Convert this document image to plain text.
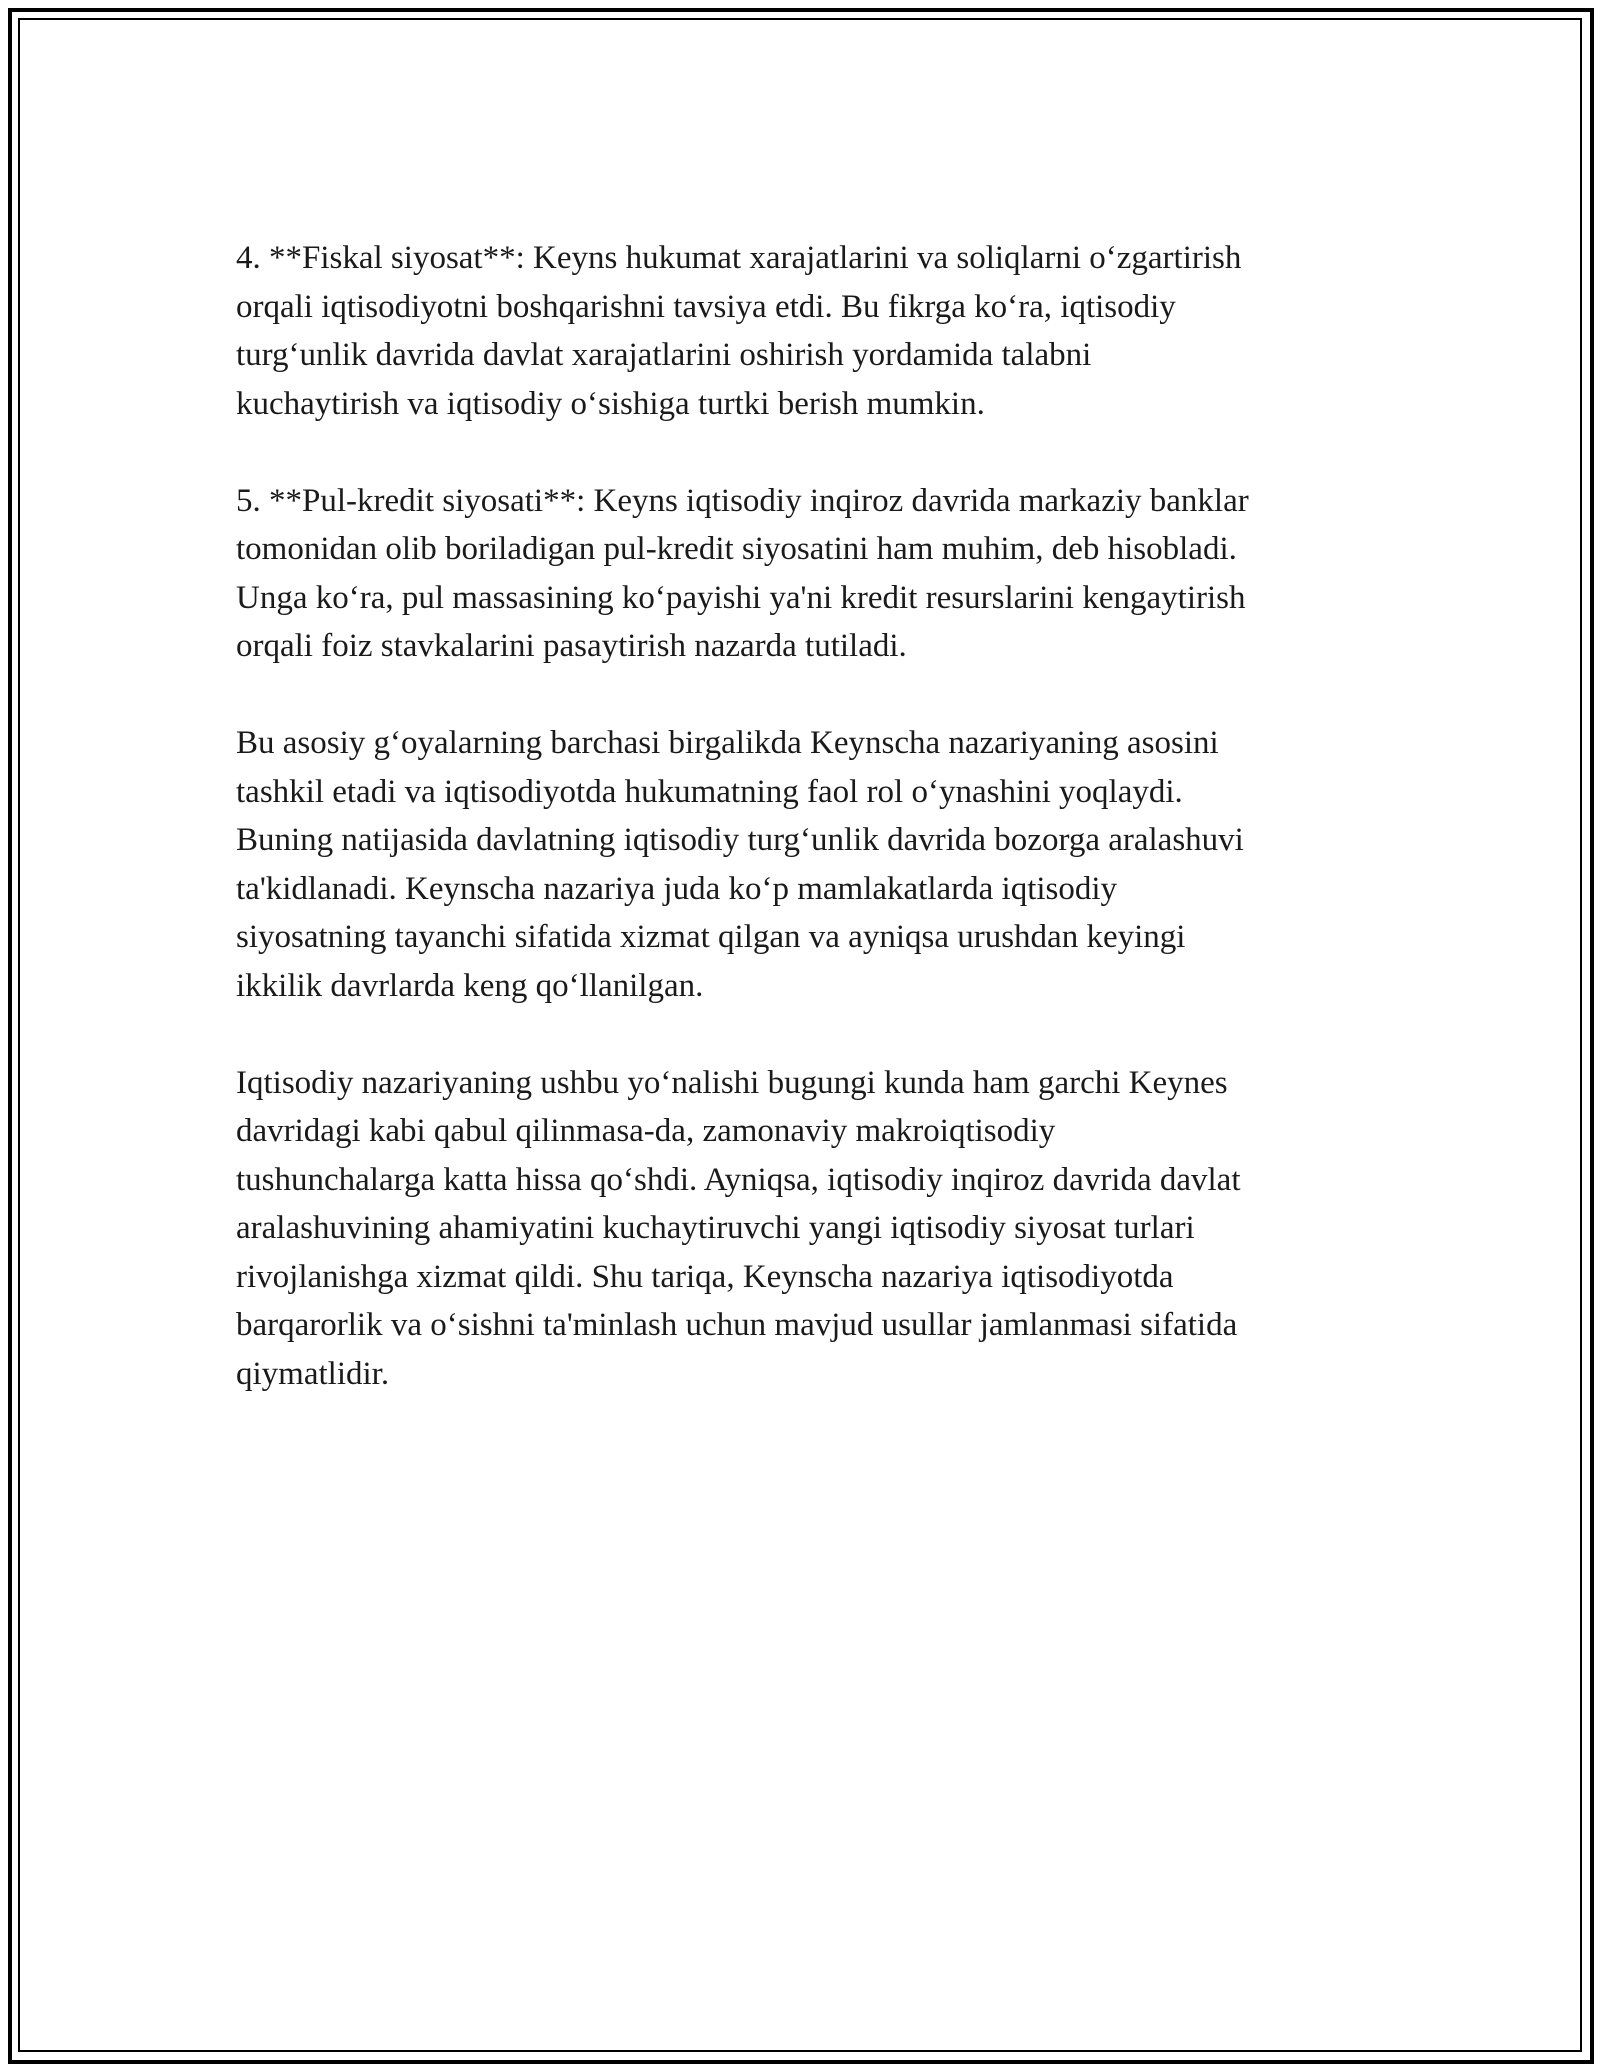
4. **Fiskal siyosat**: Keyns hukumat xarajatlarini va soliqlarni oʻzgartirish
orqali iqtisodiyotni boshqarishni tavsiya etdi. Bu fikrga koʻra, iqtisodiy
turgʻunlik davrida davlat xarajatlarini oshirish yordamida talabni
kuchaytirish va iqtisodiy oʻsishiga turtki berish mumkin.

5. **Pul-kredit siyosati**: Keyns iqtisodiy inqiroz davrida markaziy banklar
tomonidan olib boriladigan pul-kredit siyosatini ham muhim, deb hisobladi.
Unga koʻra, pul massasining koʻpayishi ya'ni kredit resurslarini kengaytirish
orqali foiz stavkalarini pasaytirish nazarda tutiladi.

Bu asosiy gʻoyalarning barchasi birgalikda Keynscha nazariyaning asosini
tashkil etadi va iqtisodiyotda hukumatning faol rol oʻynashini yoqlaydi.
Buning natijasida davlatning iqtisodiy turgʻunlik davrida bozorga aralashuvi
ta'kidlanadi. Keynscha nazariya juda koʻp mamlakatlarda iqtisodiy
siyosatning tayanchi sifatida xizmat qilgan va ayniqsa urushdan keyingi
ikkilik davrlarda keng qoʻllanilgan.

Iqtisodiy nazariyaning ushbu yoʻnalishi bugungi kunda ham garchi Keynes
davridagi kabi qabul qilinmasa-da, zamonaviy makroiqtisodiy
tushunchalarga katta hissa qoʻshdi. Ayniqsa, iqtisodiy inqiroz davrida davlat
aralashuvining ahamiyatini kuchaytiruvchi yangi iqtisodiy siyosat turlari
rivojlanishga xizmat qildi. Shu tariqa, Keynscha nazariya iqtisodiyotda
barqarorlik va oʻsishni ta'minlash uchun mavjud usullar jamlanmasi sifatida
qiymatlidir.
